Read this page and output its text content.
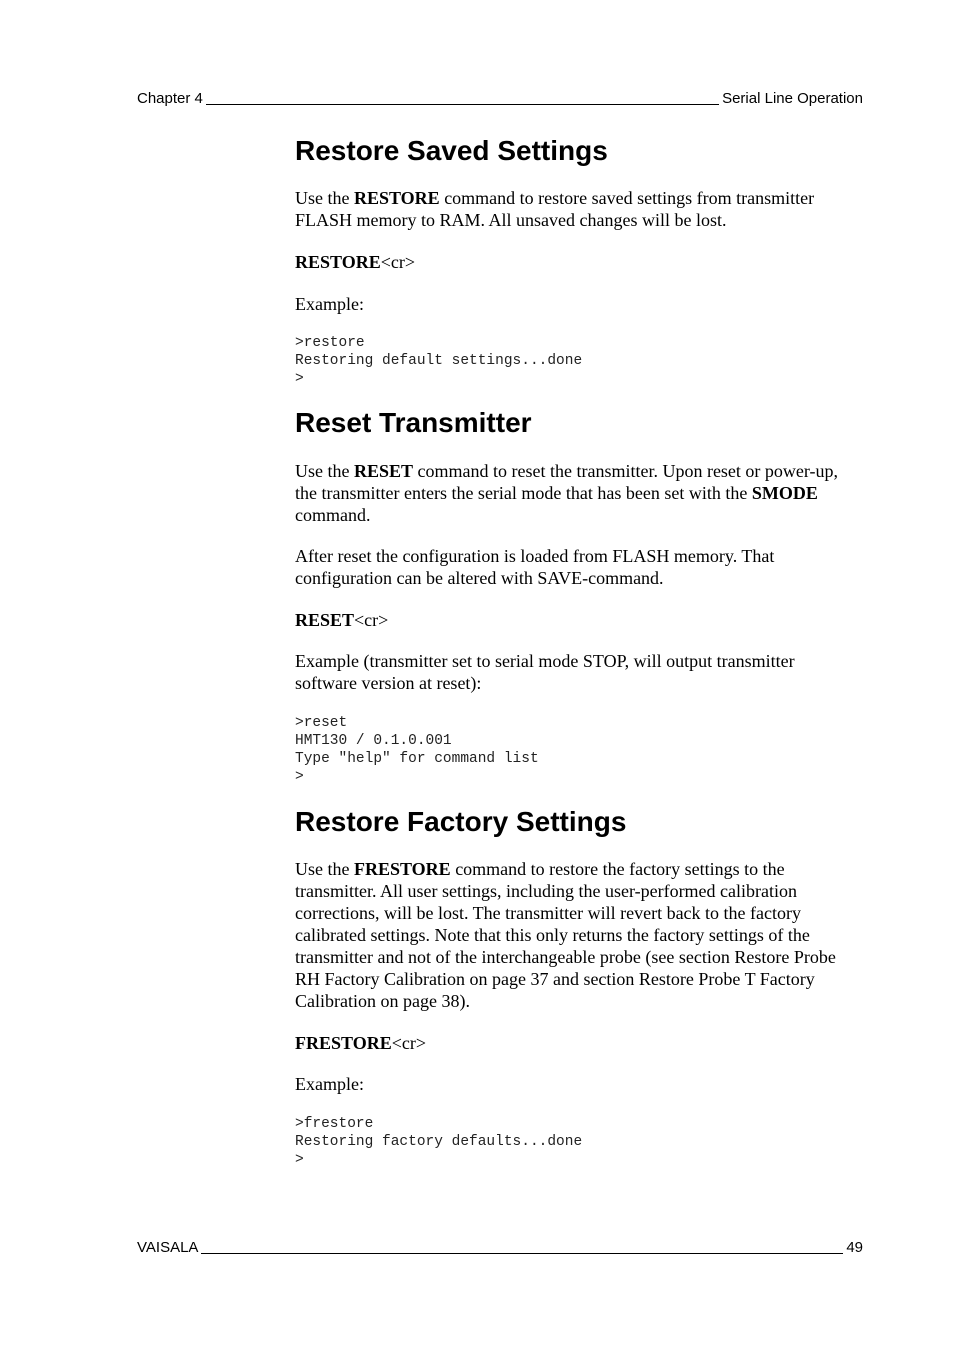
Chapter 4	Serial Line Operation
Restore Saved Settings

Use the RESTORE command to restore saved settings from transmitter FLASH memory to RAM. All unsaved changes will be lost.

RESTORE<cr>

Example:

>restore
Restoring default settings...done
>
Reset Transmitter

Use the RESET command to reset the transmitter. Upon reset or power-up, the transmitter enters the serial mode that has been set with the SMODE command.

After reset the configuration is loaded from FLASH memory. That configuration can be altered with SAVE-command.

RESET<cr>

Example (transmitter set to serial mode STOP, will output transmitter software version at reset):

>reset
HMT130 / 0.1.0.001
Type "help" for command list
>
Restore Factory Settings

Use the FRESTORE command to restore the factory settings to the transmitter. All user settings, including the user-performed calibration corrections, will be lost. The transmitter will revert back to the factory calibrated settings. Note that this only returns the factory settings of the transmitter and not of the interchangeable probe (see section Restore Probe RH Factory Calibration on page 37 and section Restore Probe T Factory Calibration on page 38).

FRESTORE<cr>

Example:

>frestore
Restoring factory defaults...done
>
VAISALA	49
